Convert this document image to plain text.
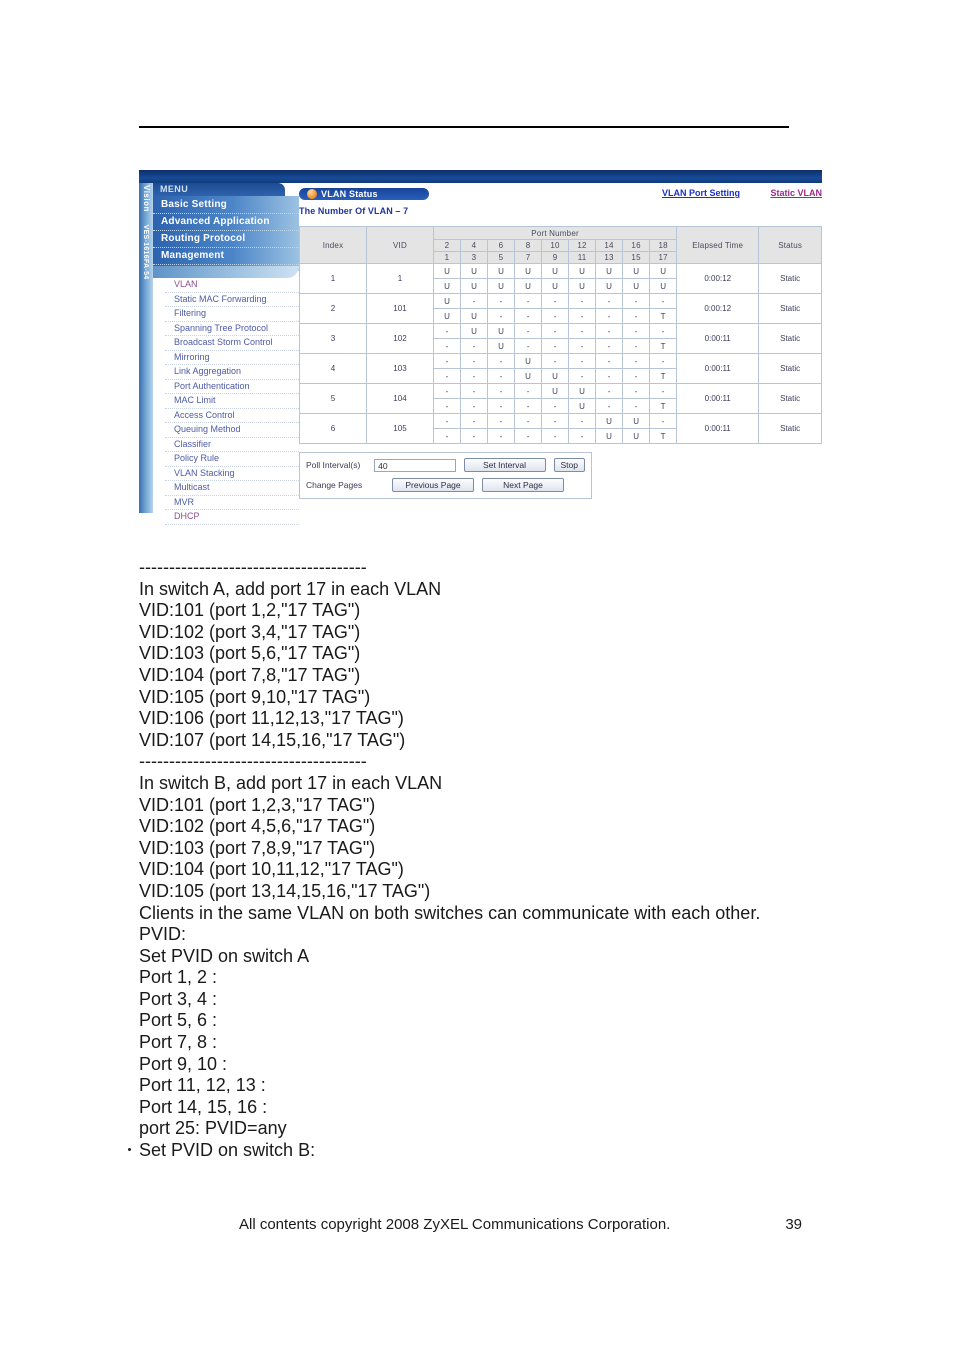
Vision VES-1616FA-54
MENU
Basic Setting
Advanced Application
Routing Protocol
Management
VLAN
Static MAC Forwarding
Filtering
Spanning Tree Protocol
Broadcast Storm Control
Mirroring
Link Aggregation
Port Authentication
MAC Limit
Access Control
Queuing Method
Classifier
Policy Rule
VLAN Stacking
Multicast
MVR
DHCP
VLAN Status	VLAN Port Setting	Static VLAN
The Number Of VLAN – 7
Index	VID	Port Number									Elapsed Time	Status
		2	4	6	8	10	12	14	16	18		
		1	3	5	7	9	11	13	15	17		
1	1	U	U	U	U	U	U	U	U	U	0:00:12	Static
		U	U	U	U	U	U	U	U	U		
2	101	U	-	-	-	-	-	-	-	-	0:00:12	Static
		U	U	-	-	-	-	-	-	T		
3	102	-	U	U	-	-	-	-	-	-	0:00:11	Static
		-	-	U	-	-	-	-	-	T		
4	103	-	-	-	U	-	-	-	-	-	0:00:11	Static
		-	-	-	U	U	-	-	-	T		
5	104	-	-	-	-	U	U	-	-	-	0:00:11	Static
		-	-	-	-	-	U	-	-	T		
6	105	-	-	-	-	-	-	U	U	-	0:00:11	Static
		-	-	-	-	-	-	U	U	T		
Poll Interval(s)	40	Set Interval	Stop
Change Pages	Previous Page	Next Page
--------------------------------------
In switch A, add port 17 in each VLAN
VID:101 (port 1,2,"17 TAG")
VID:102 (port 3,4,"17 TAG")
VID:103 (port 5,6,"17 TAG")
VID:104 (port 7,8,"17 TAG")
VID:105 (port 9,10,"17 TAG")
VID:106 (port 11,12,13,"17 TAG")
VID:107 (port 14,15,16,"17 TAG")
--------------------------------------
In switch B, add port 17 in each VLAN
VID:101 (port 1,2,3,"17 TAG")
VID:102 (port 4,5,6,"17 TAG")
VID:103 (port 7,8,9,"17 TAG")
VID:104 (port 10,11,12,"17 TAG")
VID:105 (port 13,14,15,16,"17 TAG")
Clients in the same VLAN on both switches can communicate with each other.
PVID:
Set PVID on switch A
Port 1, 2 :
Port 3, 4 :
Port 5, 6 :
Port 7, 8 :
Port 9, 10 :
Port 11, 12, 13 :
Port 14, 15, 16 :
port 25: PVID=any
Set PVID on switch B:
All contents copyright 2008 ZyXEL Communications Corporation.	39
